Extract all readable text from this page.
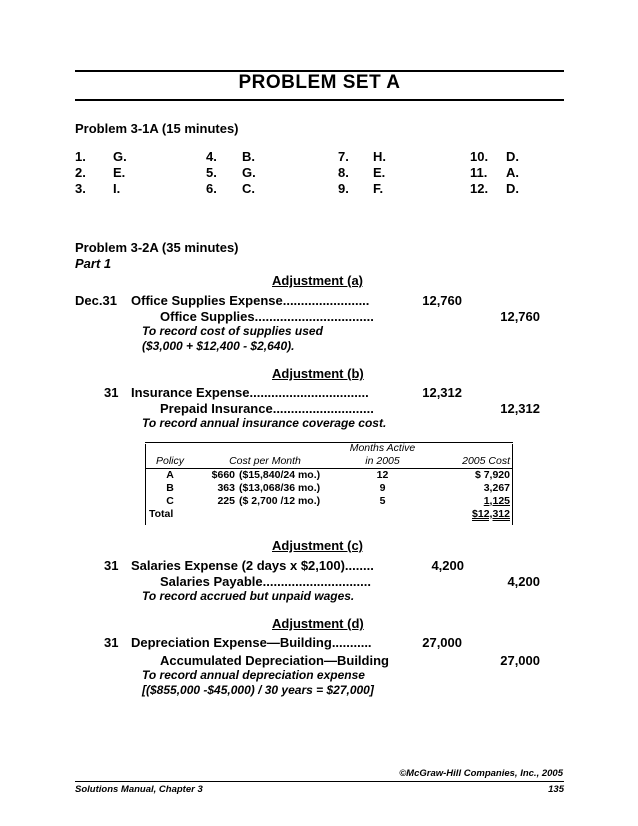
PROBLEM SET A
Problem 3-1A (15 minutes)
1. G.
2. E.
3. I.
4. B.
5. G.
6. C.
7. H.
8. E.
9. F.
10. D.
11. A.
12. D.
Problem 3-2A (35 minutes)
Part 1
Adjustment (a)
Dec.31 Office Supplies Expense........................	12,760
Office Supplies.................................	12,760
To record cost of supplies used
($3,000 + $12,400 - $2,640).
Adjustment (b)
31 Insurance Expense.................................	12,312
Prepaid Insurance............................	12,312
To record annual insurance coverage cost.
			Months Active	
Policy	Cost per Month		in 2005	2005 Cost
A	$660	($15,840/24 mo.)	12	$ 7,920
B	363	($13,068/36 mo.)	9	3,267
C	225	($ 2,700 /12 mo.)	5	1,125
Total				$12,312
Adjustment (c)
31 Salaries Expense (2 days x $2,100)........	4,200
Salaries Payable..............................	4,200
To record accrued but unpaid wages.
Adjustment (d)
31 Depreciation Expense—Building...........	27,000
Accumulated Depreciation—Building	27,000
To record annual depreciation expense
[($855,000 -$45,000) / 30 years = $27,000]
©McGraw-Hill Companies, Inc., 2005
Solutions Manual, Chapter 3	135
